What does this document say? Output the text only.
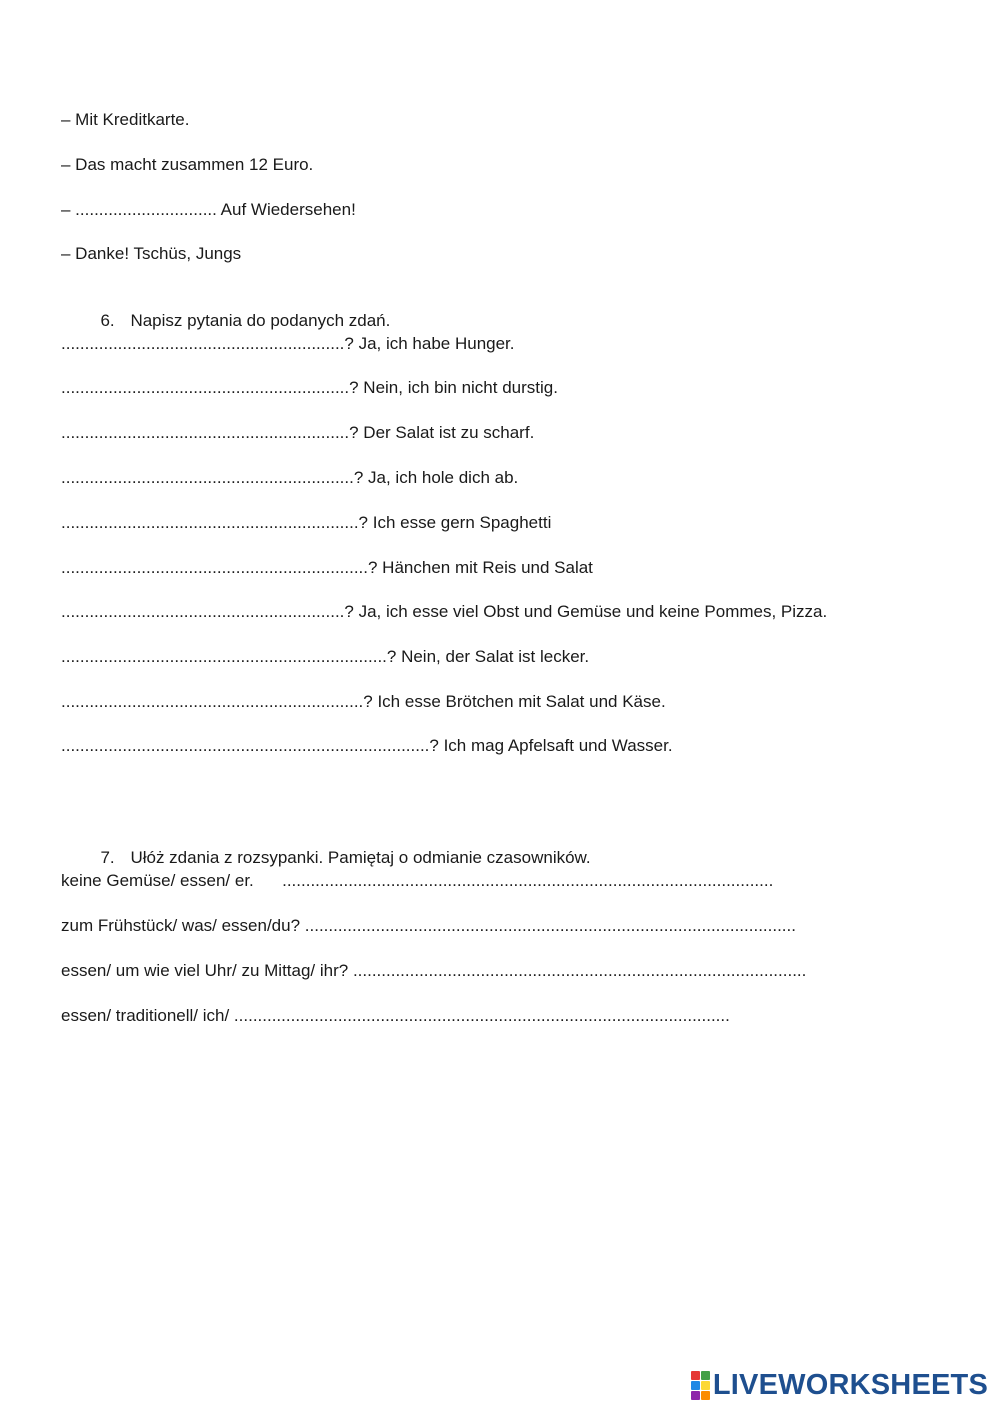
– Mit Kreditkarte.
– Das macht zusammen 12 Euro.
– .............................. Auf Wiedersehen!
– Danke! Tschüs, Jungs

6. Napisz pytania do podanych zdań.

............................................................? Ja, ich habe Hunger.
.............................................................? Nein, ich bin nicht durstig.
.............................................................? Der Salat ist zu scharf.
..............................................................? Ja, ich hole dich ab.
...............................................................? Ich esse gern Spaghetti
.................................................................? Hänchen mit Reis und Salat
............................................................? Ja, ich esse viel Obst und Gemüse und keine Pommes, Pizza.
.....................................................................? Nein, der Salat ist lecker.
................................................................? Ich esse Brötchen mit Salat und Käse.
..............................................................................? Ich mag Apfelsaft und Wasser.

7. Ułóż zdania z rozsypanki. Pamiętaj o odmianie czasowników.

keine Gemüse/ essen/ er.      ........................................................................................................
zum Frühstück/ was/ essen/du? ........................................................................................................
essen/ um wie viel Uhr/ zu Mittag/ ihr? ................................................................................................
essen/ traditionell/ ich/ .........................................................................................................
LIVEWORKSHEETS
